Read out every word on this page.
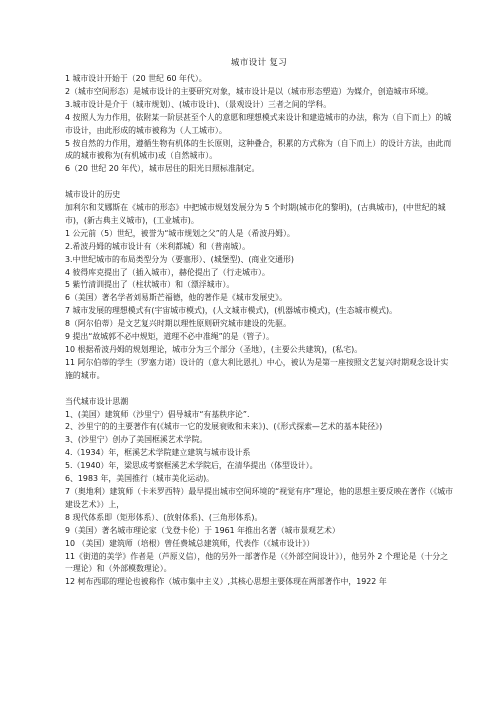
城市设计 复习

1 城市设计开始于（20 世纪 60 年代）。

2（城市空间形态）是城市设计的主要研究对象，城市设计是以（城市形态塑造）为媒介，创造城市环境。

3.城市设计是介于（城市规划）、(城市设计)、（景观设计）三者之间的学科。

4 按照人为力作用，依附某一阶层甚至个人的意愿和理想模式来设计和建造城市的办法，称为（自下而上）的城市设计，由此形成的城市被称为（人工城市）。

5 按自然的力作用，遵循生物有机体的生长原则，这种叠合，积累的方式称为（自下而上）的设计方法，由此而成的城市被称为(有机城市)或（自然城市）。

6（20 世纪 20 年代），城市居住的阳光日照标准制定。

城市设计的历史

加利尔和艾娜斯在《城市的形态》中把城市规划发展分为 5 个时期(城市化的黎明)，(古典城市)，(中世纪的城市)，(新古典主义城市)，(工业城市)。

1 公元前（5）世纪，被誉为“城市规划之父”的人是（希波丹姆）。

2.希波丹姆的城市设计有（米利都城）和（普南城）。

3.中世纪城市的布局类型分为（要塞形）、(城堡型)、(商业交通形)

4 彼得库克提出了（插入城市），赫伦提出了（行走城市）。

5 紫竹清训提出了（柱状城市）和（漂浮城市）。

6（美国）著名学者刘易斯芒福德，他的著作是《城市发展史》。

7 城市发展的理想模式有(宇宙城市模式)，(人文城市模式)，(机器城市模式)，(生态城市模式)。

8（阿尔伯蒂）是文艺复兴时期以理性原则研究城市建设的先驱。

9 提出“故城郭不必中规矩，道理不必中准绳”的是（管子）。

10 根据希波丹姆的规划理论，城市分为三个部分（圣地），(主要公共建筑)，(私宅)。

11 阿尔伯蒂的学生（罗塞力诺）设计的（意大利比恩扎）中心，被认为是第一座按照文艺复兴时期观念设计实施的城市。

当代城市设计思潮

1、(美国）建筑师（沙里宁）倡导城市“有基秩序论”.

2、沙里宁的的主要著作有(《城市一它的发展衰败和未来》)、(《形式探索—艺术的基本陡径》)

3、(沙里宁）创办了美国框溪艺术学院。

4.（1934）年，框溪艺术学院建立建筑与城市设计系

5.（1940）年，梁思成考察框溪艺术学院后，在清华提出（体型设计）。

6、1983 年，美国推行（城市美化运动)。

7（奥地利）建筑师（卡米罗西特）最早提出城市空间环境的“视觉有序”理论，他的思想主要反映在著作（《城市建设艺术》）上，

8 现代体系即（矩形体系）、(放射体系)、(三角形体系)。

9（美国）著名城市理论家（戈登卡伦）于 1961 年推出名著（城市景观艺术）

10 （美国）建筑师（培根）曾任费城总建筑师，代表作（《城市设计》）

11《街道的美学》作者是（芦原义信），他的另外一部著作是（《外部空间设计》），他另外 2 个理论是（十分之一理论）和（外部模数理论）。

12 柯布西耶的理论也被称作（城市集中主义）,其核心思想主要体现在两部著作中，1922 年
